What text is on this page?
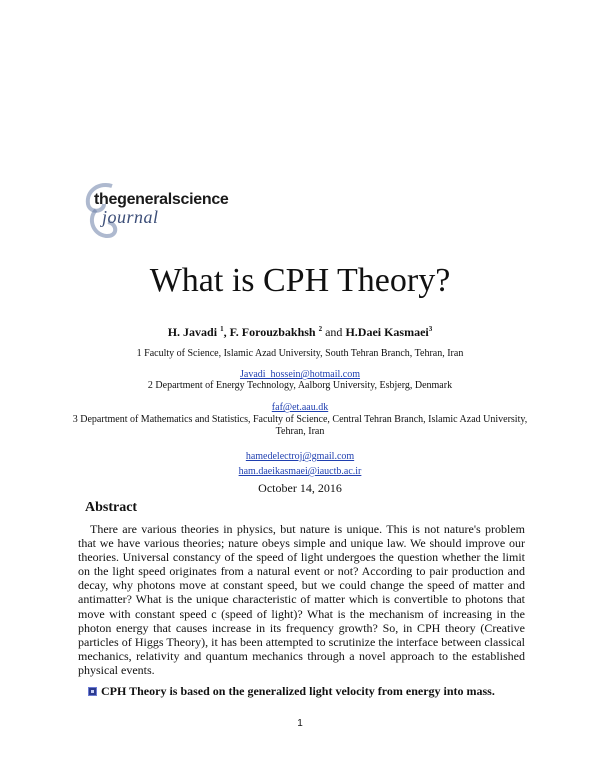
thegeneralscience
journal
What is CPH Theory?

H. Javadi $^1$, F. Forouzbakhsh $^2$ and H.Daei Kasmaei$^3$

1 Faculty of Science, Islamic Azad University, South Tehran Branch, Tehran, Iran

Javadi_hossein@hotmail.com

2 Department of Energy Technology, Aalborg University, Esbjerg, Denmark

faf@et.aau.dk

3 Department of Mathematics and Statistics, Faculty of Science, Central Tehran Branch, Islamic Azad University, Tehran, Iran

hamedelectroj@gmail.com

ham.daeikasmaei@iauctb.ac.ir

October 14, 2016

Abstract

There are various theories in physics, but nature is unique. This is not nature's problem that we have various theories; nature obeys simple and unique law. We should improve our theories. Universal constancy of the speed of light undergoes the question whether the limit on the light speed originates from a natural event or not? According to pair production and decay, why photons move at constant speed, but we could change the speed of matter and antimatter? What is the unique characteristic of matter which is convertible to photons that move with constant speed c (speed of light)? What is the mechanism of increasing in the photon energy that causes increase in its frequency growth? So, in CPH theory (Creative particles of Higgs Theory), it has been attempted to scrutinize the interface between classical mechanics, relativity and quantum mechanics through a novel approach to the established physical events.

CPH Theory is based on the generalized light velocity from energy into mass.
1
